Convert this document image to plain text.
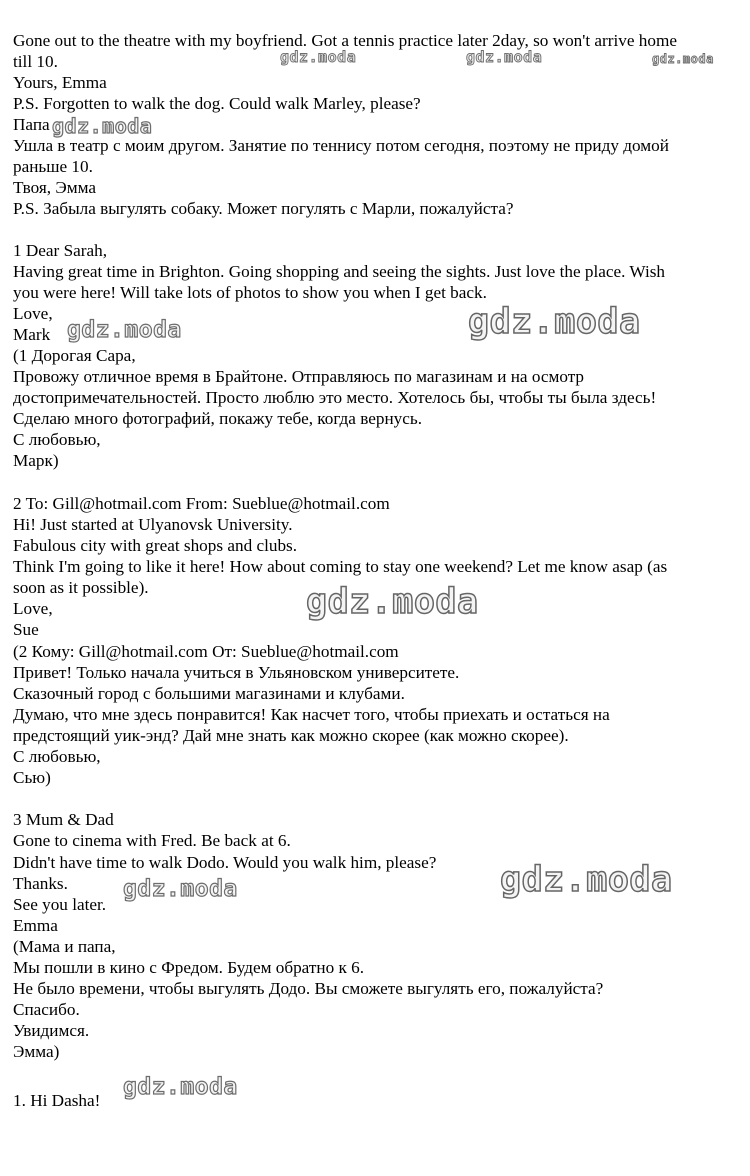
Gone out to the theatre with my boyfriend. Got a tennis practice later 2day, so won't arrive home
till 10.
Yours, Emma
P.S. Forgotten to walk the dog. Could walk Marley, please?
Папа
Ушла в театр с моим другом. Занятие по теннису потом сегодня, поэтому не приду домой
раньше 10.
Твоя, Эмма
P.S. Забыла выгулять собаку. Может погулять с Марли, пожалуйста?
1 Dear Sarah,
Having great time in Brighton. Going shopping and seeing the sights. Just love the place. Wish
you were here! Will take lots of photos to show you when I get back.
Love,
Mark
(1 Дорогая Сара,
Провожу отличное время в Брайтоне. Отправляюсь по магазинам и на осмотр
достопримечательностей. Просто люблю это место. Хотелось бы, чтобы ты была здесь!
Сделаю много фотографий, покажу тебе, когда вернусь.
С любовью,
Марк)
2 To: Gill@hotmail.com From: Sueblue@hotmail.com
Hi! Just started at Ulyanovsk University.
Fabulous city with great shops and clubs.
Think I'm going to like it here! How about coming to stay one weekend? Let me know asap (as
soon as it possible).
Love,
Sue
(2 Кому: Gill@hotmail.com От: Sueblue@hotmail.com
Привет! Только начала учиться в Ульяновском университете.
Сказочный город с большими магазинами и клубами.
Думаю, что мне здесь понравится! Как насчет того, чтобы приехать и остаться на
предстоящий уик-энд? Дай мне знать как можно скорее (как можно скорее).
С любовью,
Сью)
3 Mum & Dad
Gone to cinema with Fred. Be back at 6.
Didn't have time to walk Dodo. Would you walk him, please?
Thanks.
See you later.
Emma
(Мама и папа,
Мы пошли в кино с Фредом. Будем обратно к 6.
Не было времени, чтобы выгулять Додо. Вы сможете выгулять его, пожалуйста?
Спасибо.
Увидимся.
Эмма)
1. Hi Dasha!
gdz.moda	gdz.moda	gdz.moda
gdz.moda
gdz.moda	gdz.moda
gdz.moda
gdz.moda
gdz.moda
gdz.moda
